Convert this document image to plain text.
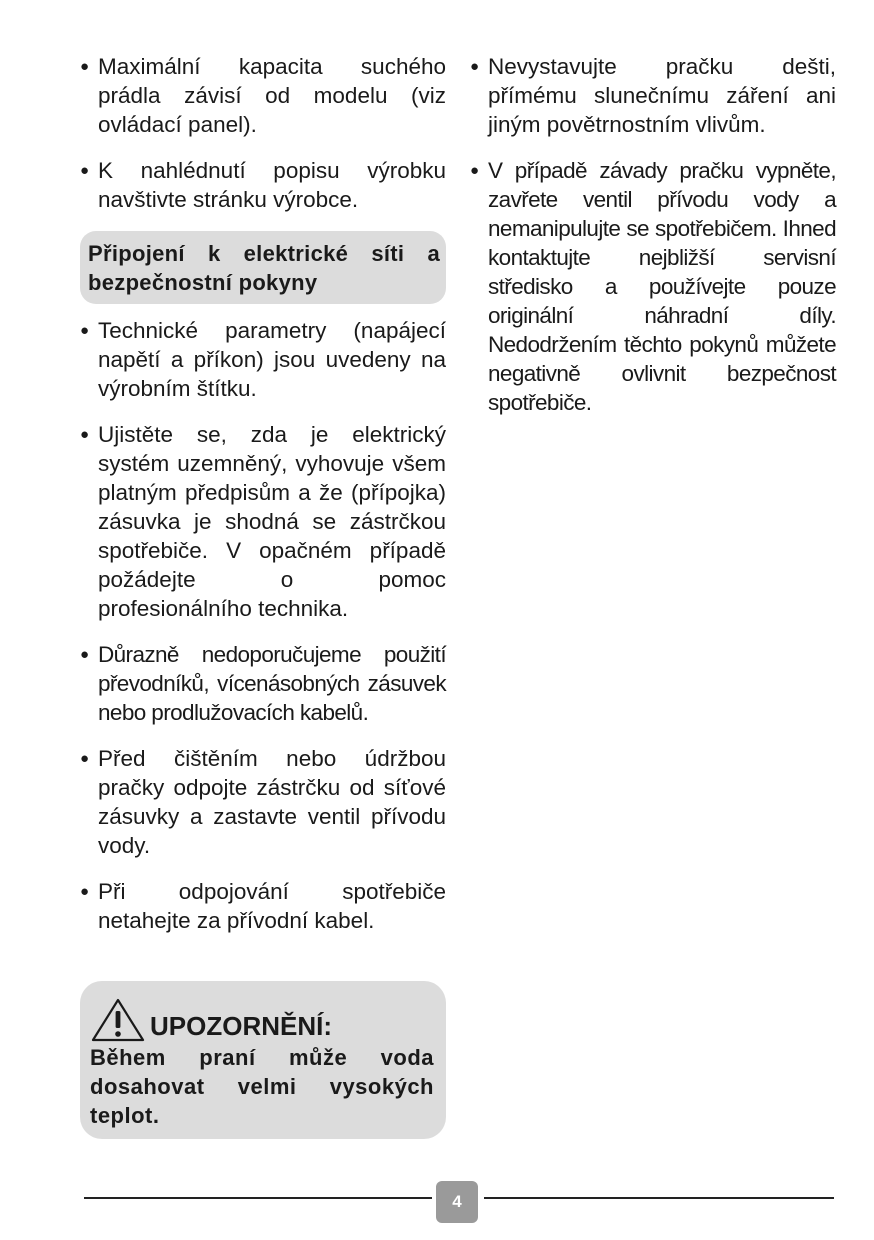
● Maximální kapacita suchého prádla závisí od modelu (viz ovládací panel).
● K nahlédnutí popisu výrobku navštivte stránku výrobce.
Připojení k elektrické síti a bezpečnostní pokyny
● Technické parametry (napájecí napětí a příkon) jsou uvedeny na výrobním štítku.
● Ujistěte se, zda je elektrický systém uzemněný, vyhovuje všem platným předpisům a že (přípojka) zásuvka je shodná se zástrčkou spotřebiče. V opačném případě požádejte o pomoc profesionálního technika.
● Důrazně nedoporučujeme použití převodníků, vícenásobných zásuvek nebo prodlužovacích kabelů.
● Před čištěním nebo údržbou pračky odpojte zástrčku od síťové zásuvky a zastavte ventil přívodu vody.
● Při odpojování spotřebiče netahejte za přívodní kabel.
● Nevystavujte pračku dešti, přímému slunečnímu záření ani jiným povětrnostním vlivům.
● V případě závady pračku vypněte, zavřete ventil přívodu vody a nemanipulujte se spotřebičem. Ihned kontaktujte nejbližší servisní středisko a používejte pouze originální náhradní díly. Nedodržením těchto pokynů můžete negativně ovlivnit bezpečnost spotřebiče.
UPOZORNĚNÍ:
Během praní může voda dosahovat velmi vysokých teplot.
4
